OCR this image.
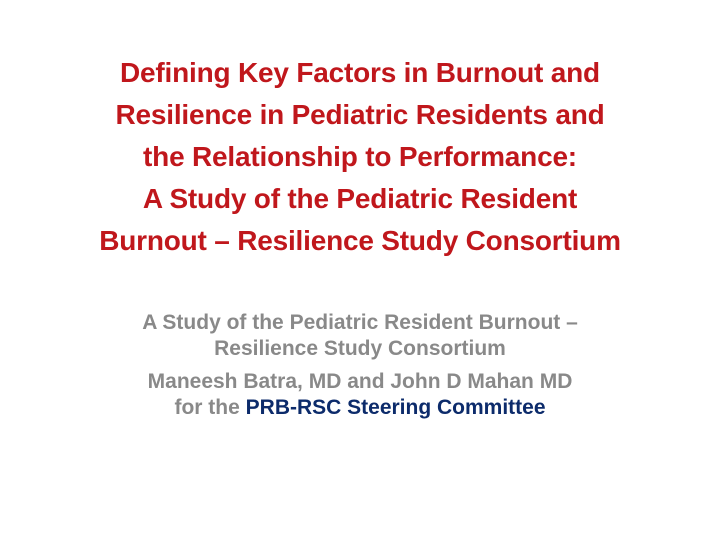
Defining Key Factors in Burnout and
Resilience in Pediatric Residents and
the Relationship to Performance:
A Study of the Pediatric Resident
Burnout – Resilience Study Consortium
A Study of the Pediatric Resident Burnout –
Resilience Study Consortium
Maneesh Batra, MD and John D Mahan MD
for the PRB-RSC Steering Committee
